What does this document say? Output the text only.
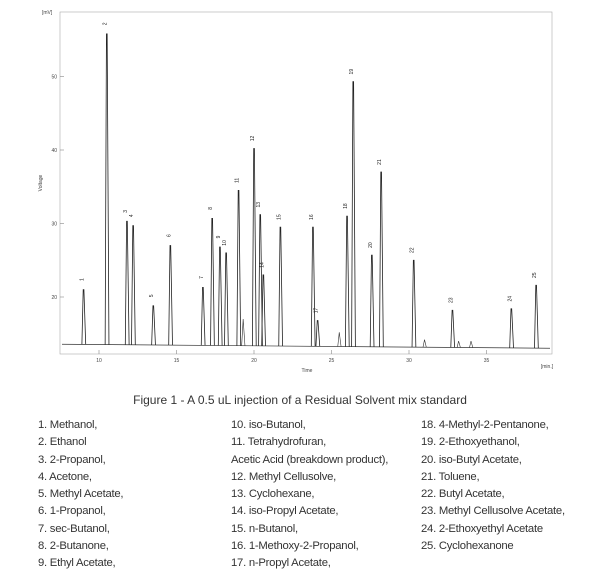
[mV]
Voltage
Time
[min.]
20
30
40
50
10	15	20	25	30	35
1
2
3
4
5
6
7
8
9
10
11
12
13
14
15	16
17
18
19
20
21
22
23	24
25
Figure 1 - A 0.5 uL injection of a Residual Solvent mix standard
1. Methanol,
2. Ethanol
3. 2-Propanol,
4. Acetone,
5. Methyl Acetate,
6. 1-Propanol,
7. sec-Butanol,
8. 2-Butanone,
9. Ethyl Acetate,
10. iso-Butanol,
11. Tetrahydrofuran,
Acetic Acid (breakdown product),
12. Methyl Cellusolve,
13. Cyclohexane,
14. iso-Propyl Acetate,
15. n-Butanol,
16. 1-Methoxy-2-Propanol,
17. n-Propyl Acetate,
18. 4-Methyl-2-Pentanone,
19. 2-Ethoxyethanol,
20. iso-Butyl Acetate,
21. Toluene,
22. Butyl Acetate,
23. Methyl Cellusolve Acetate,
24. 2-Ethoxyethyl Acetate
25. Cyclohexanone
